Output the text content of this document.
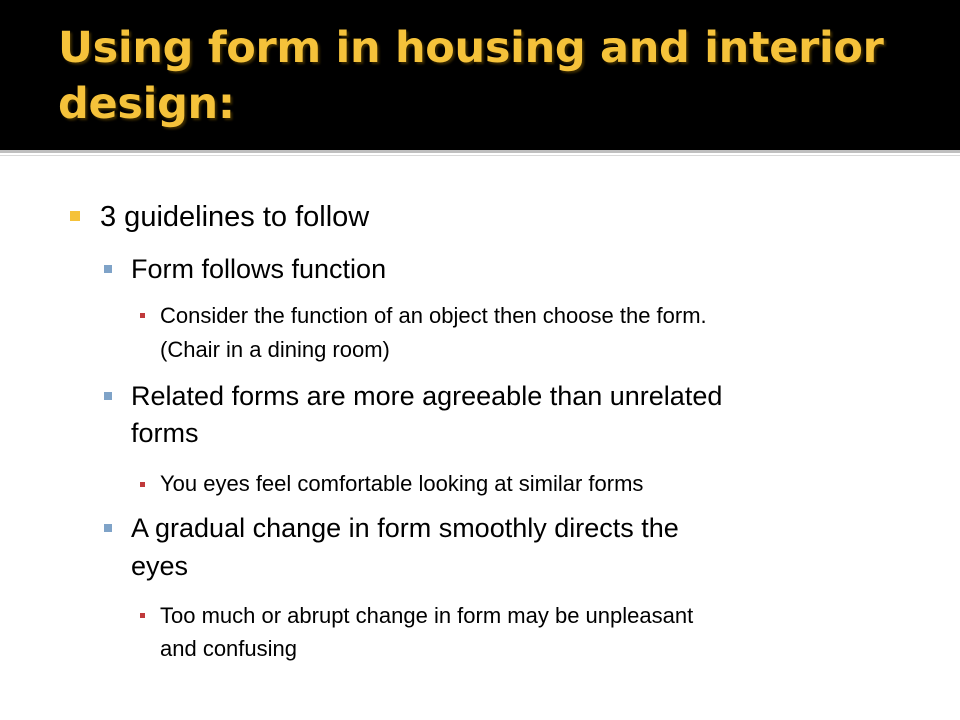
Using form in housing and interior design:

3 guidelines to follow

Form follows function

Consider the function of an object then choose the form.

(Chair in a dining room)

Related forms are more agreeable than unrelated

forms

You eyes feel comfortable looking at similar forms

A gradual change in form smoothly directs the

eyes

Too much or abrupt change in form may be unpleasant

and confusing
